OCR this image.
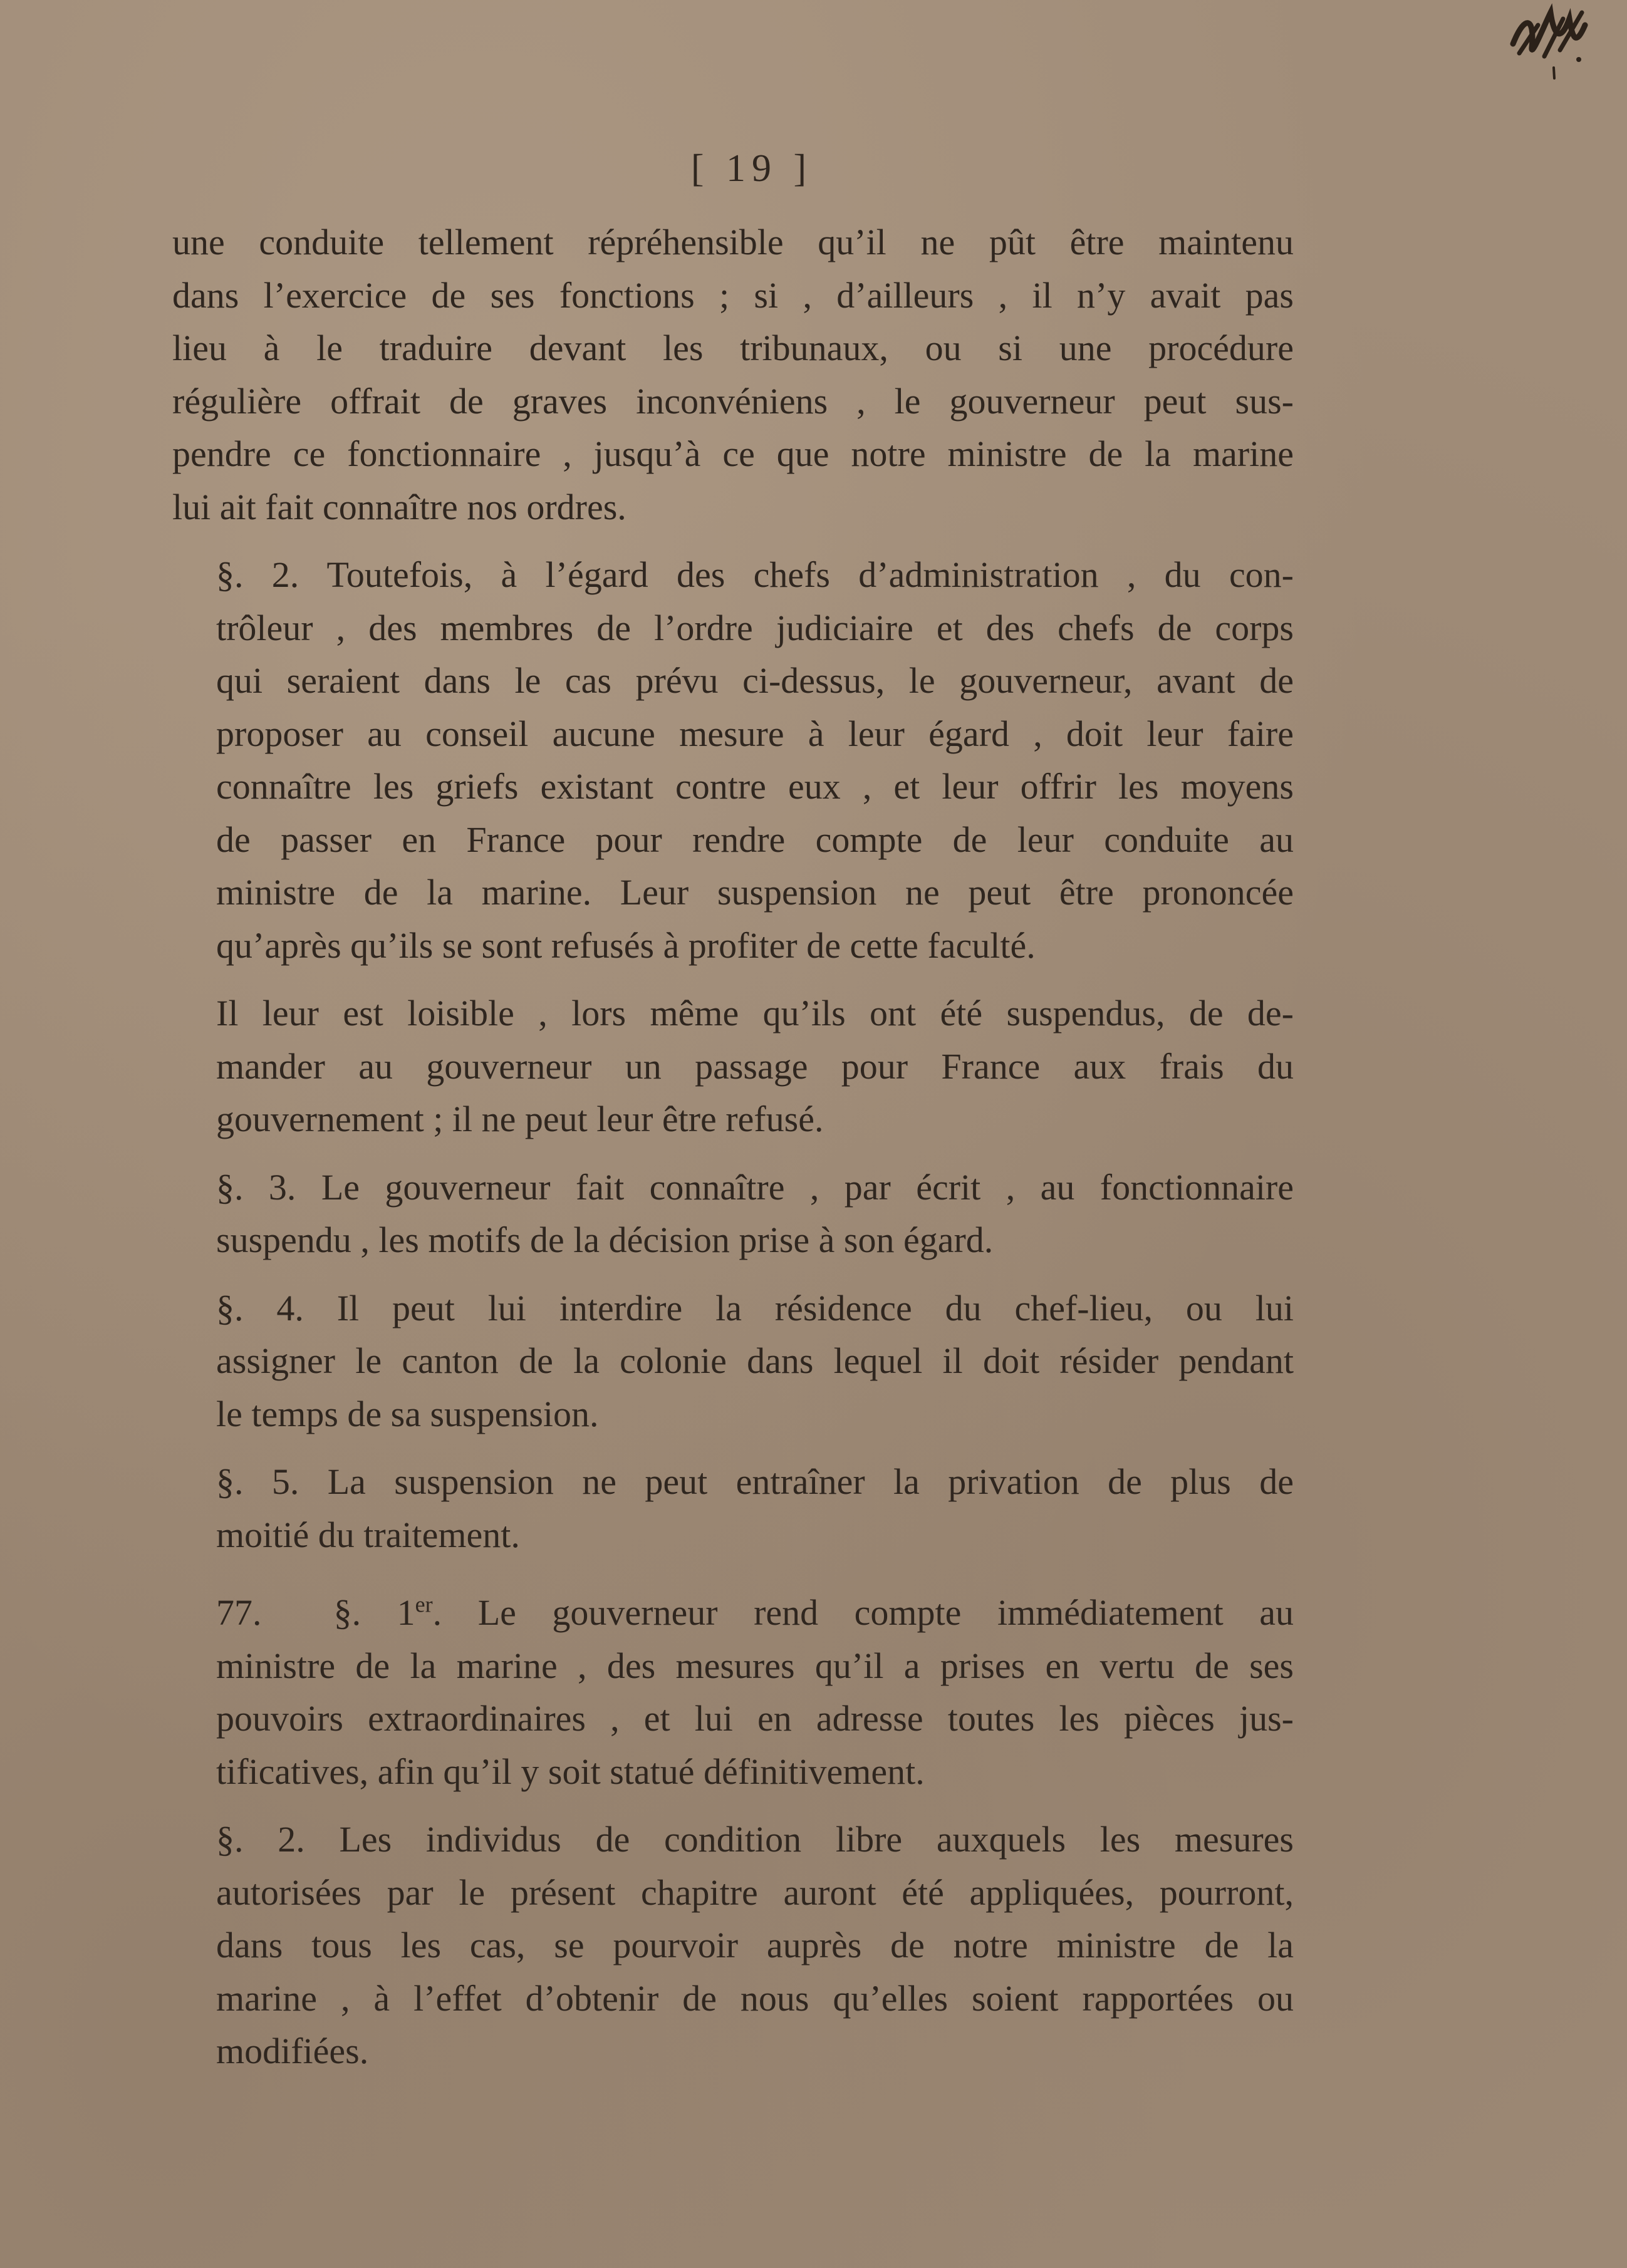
[ 19 ]
une conduite tellement répréhensible qu’il ne pût être maintenu
dans l’exercice de ses fonctions ; si , d’ailleurs , il n’y avait pas
lieu à le traduire devant les tribunaux, ou si une procédure
régulière offrait de graves inconvéniens , le gouverneur peut sus-
pendre ce fonctionnaire , jusqu’à ce que notre ministre de la marine
lui ait fait connaître nos ordres.
§. 2. Toutefois, à l’égard des chefs d’administration , du con-
trôleur , des membres de l’ordre judiciaire et des chefs de corps
qui seraient dans le cas prévu ci-dessus, le gouverneur, avant de
proposer au conseil aucune mesure à leur égard , doit leur faire
connaître les griefs existant contre eux , et leur offrir les moyens
de passer en France pour rendre compte de leur conduite au
ministre de la marine. Leur suspension ne peut être prononcée
qu’après qu’ils se sont refusés à profiter de cette faculté.
Il leur est loisible , lors même qu’ils ont été suspendus, de de-
mander au gouverneur un passage pour France aux frais du
gouvernement ; il ne peut leur être refusé.
§. 3. Le gouverneur fait connaître , par écrit , au fonctionnaire
suspendu , les motifs de la décision prise à son égard.
§. 4. Il peut lui interdire la résidence du chef-lieu, ou lui
assigner le canton de la colonie dans lequel il doit résider pendant
le temps de sa suspension.
§. 5. La suspension ne peut entraîner la privation de plus de
moitié du traitement.
77. §. 1er. Le gouverneur rend compte immédiatement au
ministre de la marine , des mesures qu’il a prises en vertu de ses
pouvoirs extraordinaires , et lui en adresse toutes les pièces jus-
tificatives, afin qu’il y soit statué définitivement.
§. 2. Les individus de condition libre auxquels les mesures
autorisées par le présent chapitre auront été appliquées, pourront,
dans tous les cas, se pourvoir auprès de notre ministre de la
marine , à l’effet d’obtenir de nous qu’elles soient rapportées ou
modifiées.
